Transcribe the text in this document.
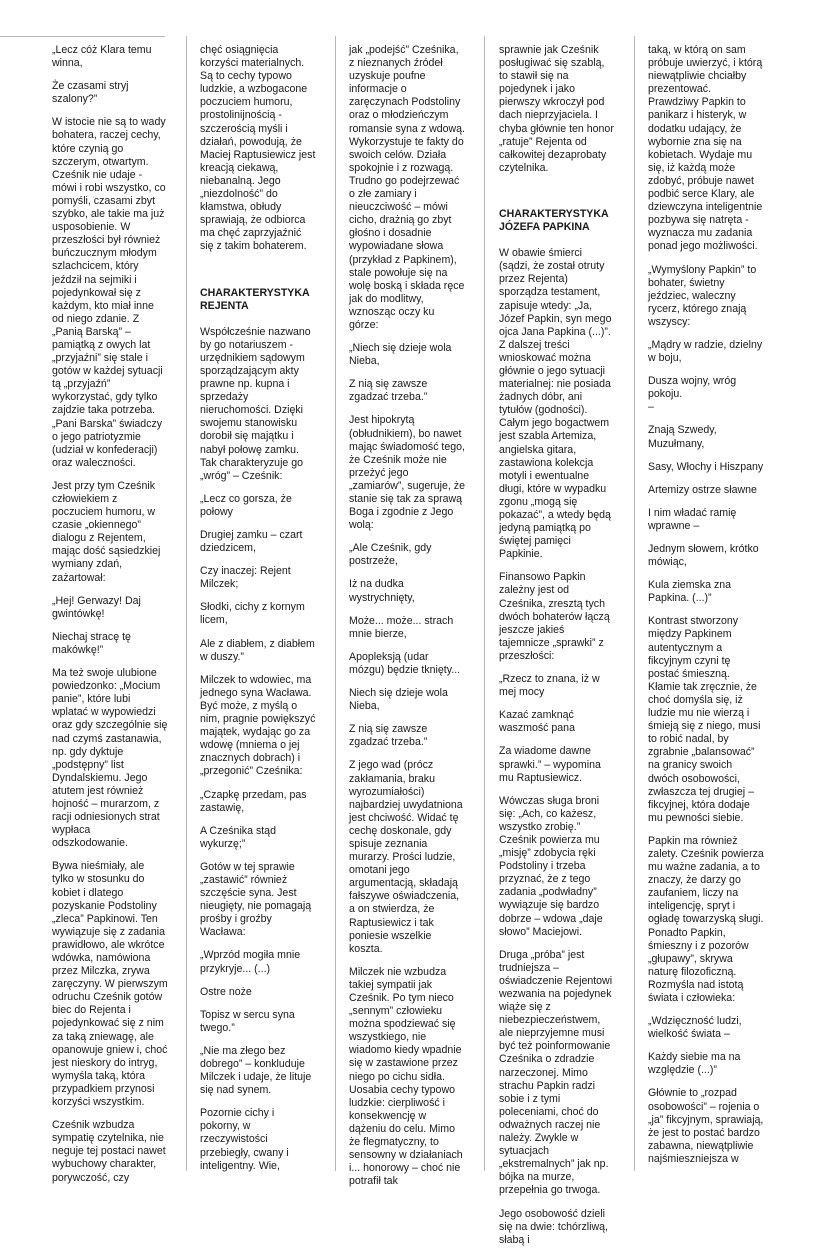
„Lecz cóż Klara temu
winna,

Że czasami stryj szalony?”

W istocie nie są to wady bohatera, raczej cechy, które czynią go szczerym, otwartym. Cześnik nie udaje - mówi i robi wszystko, co pomyśli, czasami zbyt szybko, ale takie ma już usposobienie. W przeszłości był również buńczucznym młodym szlachcicem, który jeździł na sejmiki i pojedynkował się z każdym, kto miał inne od niego zdanie. Z „Panią Barską” – pamiątką z owych lat „przyjaźni” się stale i gotów w każdej sytuacji tą „przyjaźń” wykorzystać, gdy tylko zajdzie taka potrzeba. „Pani Barska” świadczy o jego patriotyzmie (udział w konfederacji) oraz waleczności.

Jest przy tym Cześnik człowiekiem z poczuciem humoru, w czasie „okiennego” dialogu z Rejentem, mając dość sąsiedzkiej wymiany zdań, zażartował:

„Hej! Gerwazy! Daj gwintówkę!

Niechaj stracę tę makówkę!”

Ma też swoje ulubione powiedzonko: „Mocium panie”, które lubi wplatać w wypowiedzi oraz gdy szczególnie się nad czymś zastanawia, np. gdy dyktuje „podstępny” list Dyndalskiemu. Jego atutem jest również hojność – murarzom, z racji odniesionych strat wypłaca odszkodowanie.

Bywa nieśmiały, ale tylko w stosunku do kobiet i dlatego pozyskanie Podstoliny „zleca” Papkinowi. Ten wywiązuje się z zadania prawidłowo, ale wkrótce wdówka, namówiona przez Milczka, zrywa zaręczyny. W pierwszym odruchu Cześnik gotów biec do Rejenta i pojedynkować się z nim za taką zniewagę, ale opanowuje gniew i, choć jest nieskory do intryg, wymyśla taką, która przypadkiem przynosi korzyści wszystkim.

Cześnik wzbudza sympatię czytelnika, nie neguje tej postaci nawet wybuchowy charakter, porywczość, czy

chęć osiągnięcia korzyści materialnych. Są to cechy typowo ludzkie, a wzbogacone poczuciem humoru, prostolinijnością - szczerością myśli i działań, powodują, że Maciej Raptusiewicz jest kreacją ciekawą, niebanalną. Jego „niezdolność” do kłamstwa, obłudy sprawiają, że odbiorca ma chęć zaprzyjaźnić się z takim bohaterem.

CHARAKTERYSTYKA
REJENTA

Współcześnie nazwano by go notariuszem - urzędnikiem sądowym sporządzającym akty prawne np. kupna i sprzedaży nieruchomości. Dzięki swojemu stanowisku dorobił się majątku i nabył połowę zamku. Tak charakteryzuje go „wróg” – Cześnik:

„Lecz co gorsza, że połowy

Drugiej zamku – czart dziedzicem,

Czy inaczej: Rejent Milczek;

Słodki, cichy z kornym licem,

Ale z diabłem, z diabłem w duszy.”

Milczek to wdowiec, ma jednego syna Wacława. Być może, z myślą o nim, pragnie powiększyć majątek, wydając go za wdowę (mniema o jej znacznych dobrach) i „przegonić” Cześnika:

„Czapkę przedam, pas zastawię,

A Cześnika stąd wykurzę;”

Gotów w tej sprawie „zastawić” również szczęście syna. Jest nieugięty, nie pomagają prośby i groźby Wacława:

„Wprzód mogiła mnie przykryje... (...)

Ostre noże

Topisz w sercu syna twego.”

„Nie ma złego bez dobrego” – konkluduje Milczek i udaje, że lituje się nad synem.

Pozornie cichy i pokorny, w rzeczywistości przebiegły, cwany i inteligentny. Wie,

jak „podejść” Cześnika, z nieznanych źródeł uzyskuje poufne informacje o zaręczynach Podstoliny oraz o młodzieńczym romansie syna z wdową. Wykorzystuje te fakty do swoich celów. Działa spokojnie i z rozwagą. Trudno go podejrzewać o złe zamiary i nieuczciwość – mówi cicho, drażnią go zbyt głośno i dosadnie wypowiadane słowa (przykład z Papkinem), stale powołuje się na wolę boską i składa ręce jak do modlitwy, wznosząc oczy ku górze:

„Niech się dzieje wola Nieba,

Z nią się zawsze zgadzać trzeba.”

Jest hipokrytą (obłudnikiem), bo nawet mając świadomość tego, że Cześnik może nie przeżyć jego „zamiarów”, sugeruje, że stanie się tak za sprawą Boga i zgodnie z Jego wolą:

„Ale Cześnik, gdy postrzeże,

Iż na dudka wystrychnięty,

Może... może... strach mnie bierze,

Apopleksją (udar mózgu) będzie tknięty...

Niech się dzieje wola Nieba,

Z nią się zawsze zgadzać trzeba.”

Z jego wad (prócz zakłamania, braku wyrozumiałości) najbardziej uwydatniona jest chciwość. Widać tę cechę doskonale, gdy spisuje zeznania murarzy. Prości ludzie, omotani jego argumentacją, składają fałszywe oświadczenia, a on stwierdza, że Raptusiewicz i tak poniesie wszelkie koszta.

Milczek nie wzbudza takiej sympatii jak Cześnik. Po tym nieco „sennym” człowieku można spodziewać się wszystkiego, nie wiadomo kiedy wpadnie się w zastawione przez niego po cichu sidła. Uosabia cechy typowo ludzkie: cierpliwość i konsekwencję w dążeniu do celu. Mimo że flegmatyczny, to sensowny w działaniach i... honorowy – choć nie potrafił tak

sprawnie jak Cześnik posługiwać się szablą, to stawił się na pojedynek i jako pierwszy wkroczył pod dach nieprzyjaciela. I chyba głównie ten honor „ratuje” Rejenta od całkowitej dezaprobaty czytelnika.

CHARAKTERYSTYKA
JÓZEFA PAPKINA

W obawie śmierci (sądzi, że został otruty przez Rejenta) sporządza testament, zapisuje wtedy: „Ja, Józef Papkin, syn mego ojca Jana Papkina (...)”. Z dalszej treści wnioskować można głównie o jego sytuacji materialnej: nie posiada żadnych dóbr, ani tytułów (godności). Całym jego bogactwem jest szabla Artemiza, angielska gitara, zastawiona kolekcja motyli i ewentualne długi, które w wypadku zgonu „mogą się pokazać”, a wtedy będą jedyną pamiątką po świętej pamięci Papkinie.

Finansowo Papkin zależny jest od Cześnika, zresztą tych dwóch bohaterów łączą jeszcze jakieś tajemnicze „sprawki” z przeszłości:

„Rzecz to znana, iż w mej mocy

Kazać zamknąć waszmość pana

Za wiadome dawne sprawki.” – wypomina mu Raptusiewicz.

Wówczas sługa broni się: „Ach, co każesz, wszystko zrobię.” Cześnik powierza mu „misję” zdobycia ręki Podstoliny i trzeba przyznać, że z tego zadania „podwładny” wywiązuje się bardzo dobrze – wdowa „daje słowo” Maciejowi.

Druga „próba” jest trudniejsza – oświadczenie Rejentowi wezwania na pojedynek wiąże się z niebezpieczeństwem, ale nieprzyjemne musi być też poinformowanie Cześnika o zdradzie narzeczonej. Mimo strachu Papkin radzi sobie i z tymi poleceniami, choć do odważnych raczej nie należy. Zwykle w sytuacjach „ekstremalnych” jak np. bójka na murze, przepełnia go trwoga.

Jego osobowość dzieli się na dwie: tchórzliwą, słabą i

taką, w którą on sam próbuje uwierzyć, i którą niewątpliwie chciałby prezentować. Prawdziwy Papkin to panikarz i histeryk, w dodatku udający, że wybornie zna się na kobietach. Wydaje mu się, iż każdą może zdobyć, próbuje nawet podbić serce Klary, ale dziewczyna inteligentnie pozbywa się natręta - wyznacza mu zadania ponad jego możliwości.

„Wymyślony Papkin” to bohater, świetny jeździec, waleczny rycerz, którego znają wszyscy:

„Mądry w radzie, dzielny w boju,

Dusza wojny, wróg pokoju.
–

Znają Szwedy, Muzułmany,

Sasy, Włochy i Hiszpany

Artemizy ostrze sławne

I nim władać ramię wprawne –

Jednym słowem, krótko mówiąc,

Kula ziemska zna Papkina. (...)”

Kontrast stworzony między Papkinem autentycznym a fikcyjnym czyni tę postać śmieszną. Kłamie tak zręcznie, że choć domyśla się, iż ludzie mu nie wierzą i śmieją się z niego, musi to robić nadal, by zgrabnie „balansować” na granicy swoich dwóch osobowości, zwłaszcza tej drugiej – fikcyjnej, która dodaje mu pewności siebie.

Papkin ma również zalety. Cześnik powierza mu ważne zadania, a to znaczy, że darzy go zaufaniem, liczy na inteligencję, spryt i ogładę towarzyską sługi. Ponadto Papkin, śmieszny i z pozorów „głupawy”, skrywa naturę filozoficzną. Rozmyśla nad istotą świata i człowieka:

„Wdzięczność ludzi, wielkość świata –

Każdy siebie ma na względzie (...)”

Głównie to „rozpad osobowości” – rojenia o „ja” fikcyjnym, sprawiają, że jest to postać bardzo zabawna, niewątpliwie najśmieszniejsza w
